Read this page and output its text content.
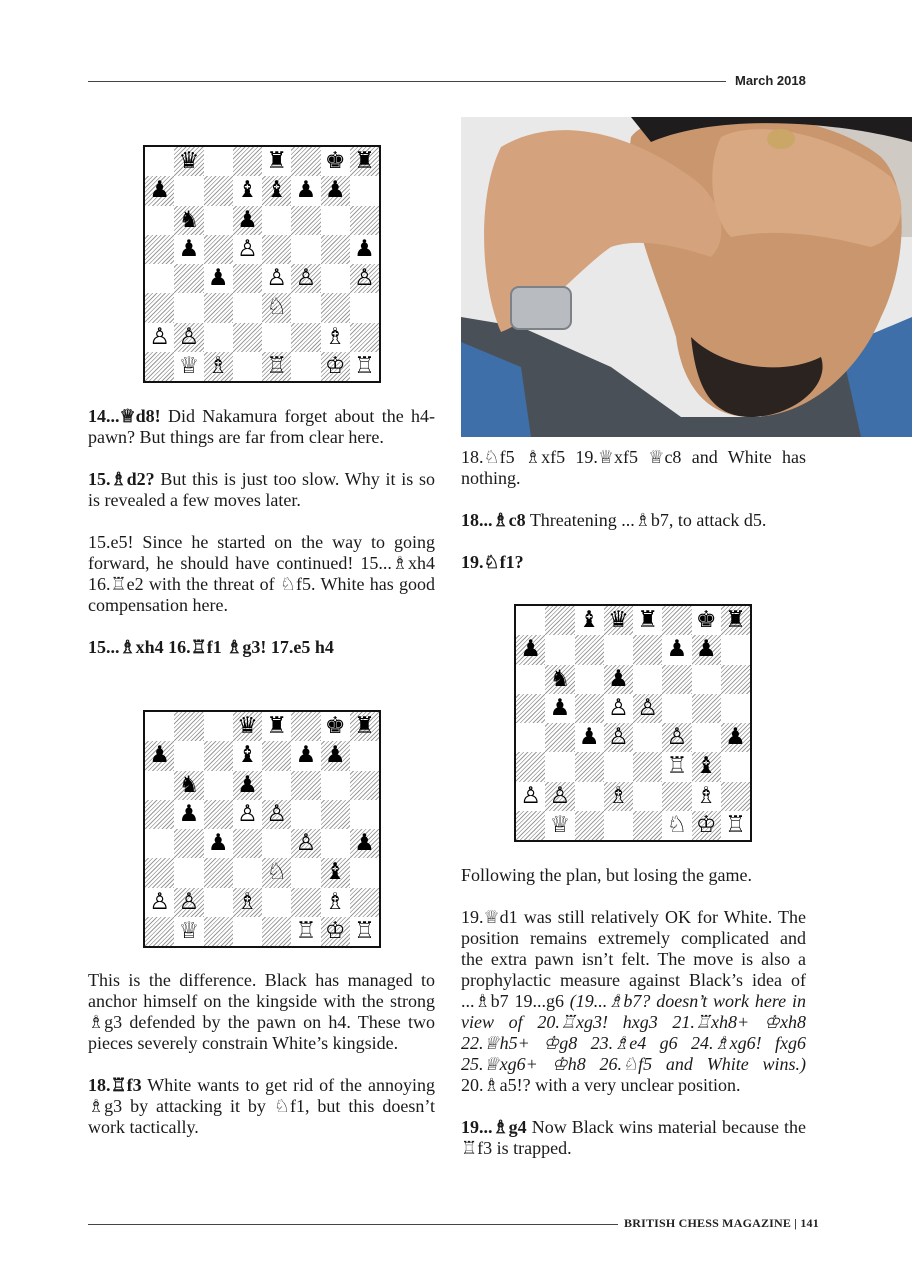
March 2018
BRITISH CHESS MAGAZINE | 141
♛	♜ ♚ ♜
♟	♝ ♝ ♟ ♟
♞ ♟
♟ ♙	♟
♟ ♙ ♙ ♙
♘
♙ ♙	♗
♕ ♗ ♖ ♔ ♖
♛ ♜ ♚ ♜
♟	♝ ♟ ♟
♞ ♟
♟ ♙ ♙
♟	♙ ♟
♘ ♝
♙ ♙ ♗	♗
♕	♖ ♔ ♖
♝ ♛ ♜ ♚ ♜
♟	♟ ♟
♞ ♟
♟ ♙ ♙
♟ ♙ ♙ ♟
♖ ♝
♙ ♙ ♗	♗
♕	♘ ♔ ♖

14...♕d8! Did Nakamura forget about the h4-pawn? But things are far from clear here.

15.♗d2? But this is just too slow. Why it is so is revealed a few moves later.

15.e5! Since he started on the way to going forward, he should have continued! 15...♗xh4 16.♖e2 with the threat of ♘f5. White has good compensation here.

15...♗xh4 16.♖f1 ♗g3! 17.e5 h4

This is the difference. Black has managed to anchor himself on the kingside with the strong ♗g3 defended by the pawn on h4. These two pieces severely constrain White’s kingside.

18.♖f3 White wants to get rid of the annoying ♗g3 by attacking it by ♘f1, but this doesn’t work tactically.

18.♘f5 ♗xf5 19.♕xf5 ♕c8 and White has nothing.

18...♗c8 Threatening ...♗b7, to attack d5.

19.♘f1?

Following the plan, but losing the game.

19.♕d1 was still relatively OK for White. The position remains extremely complicated and the extra pawn isn’t felt. The move is also a prophylactic measure against Black’s idea of ...♗b7 19...g6 (19...♗b7? doesn’t work here in view of 20.♖xg3! hxg3 21.♖xh8+ ♔xh8 22.♕h5+ ♔g8 23.♗e4 g6 24.♗xg6! fxg6 25.♕xg6+ ♔h8 26.♘f5 and White wins.) 20.♗a5!? with a very unclear position.

19...♗g4 Now Black wins material because the ♖f3 is trapped.
